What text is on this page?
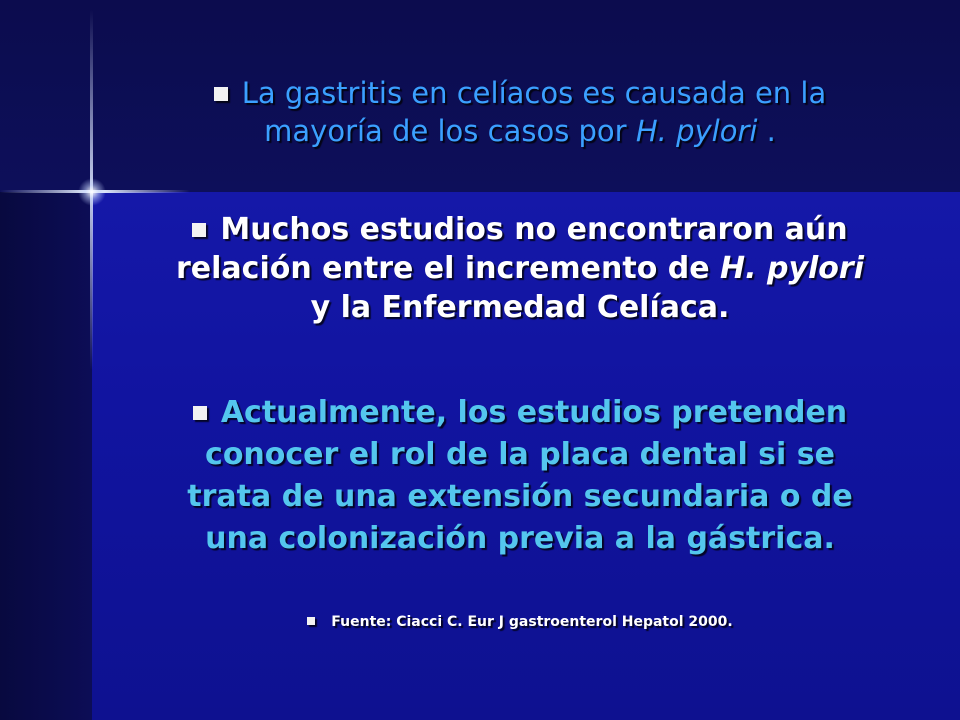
La gastritis en celíacos es causada en la
mayoría de los casos por H. pylori .
Muchos estudios no encontraron aún
relación entre el incremento de H. pylori
y la Enfermedad Celíaca.
Actualmente, los estudios pretenden
conocer el rol de la placa dental si se
trata de una extensión secundaria o de
una colonización previa a la gástrica.
Fuente: Ciacci C. Eur J gastroenterol Hepatol 2000.
